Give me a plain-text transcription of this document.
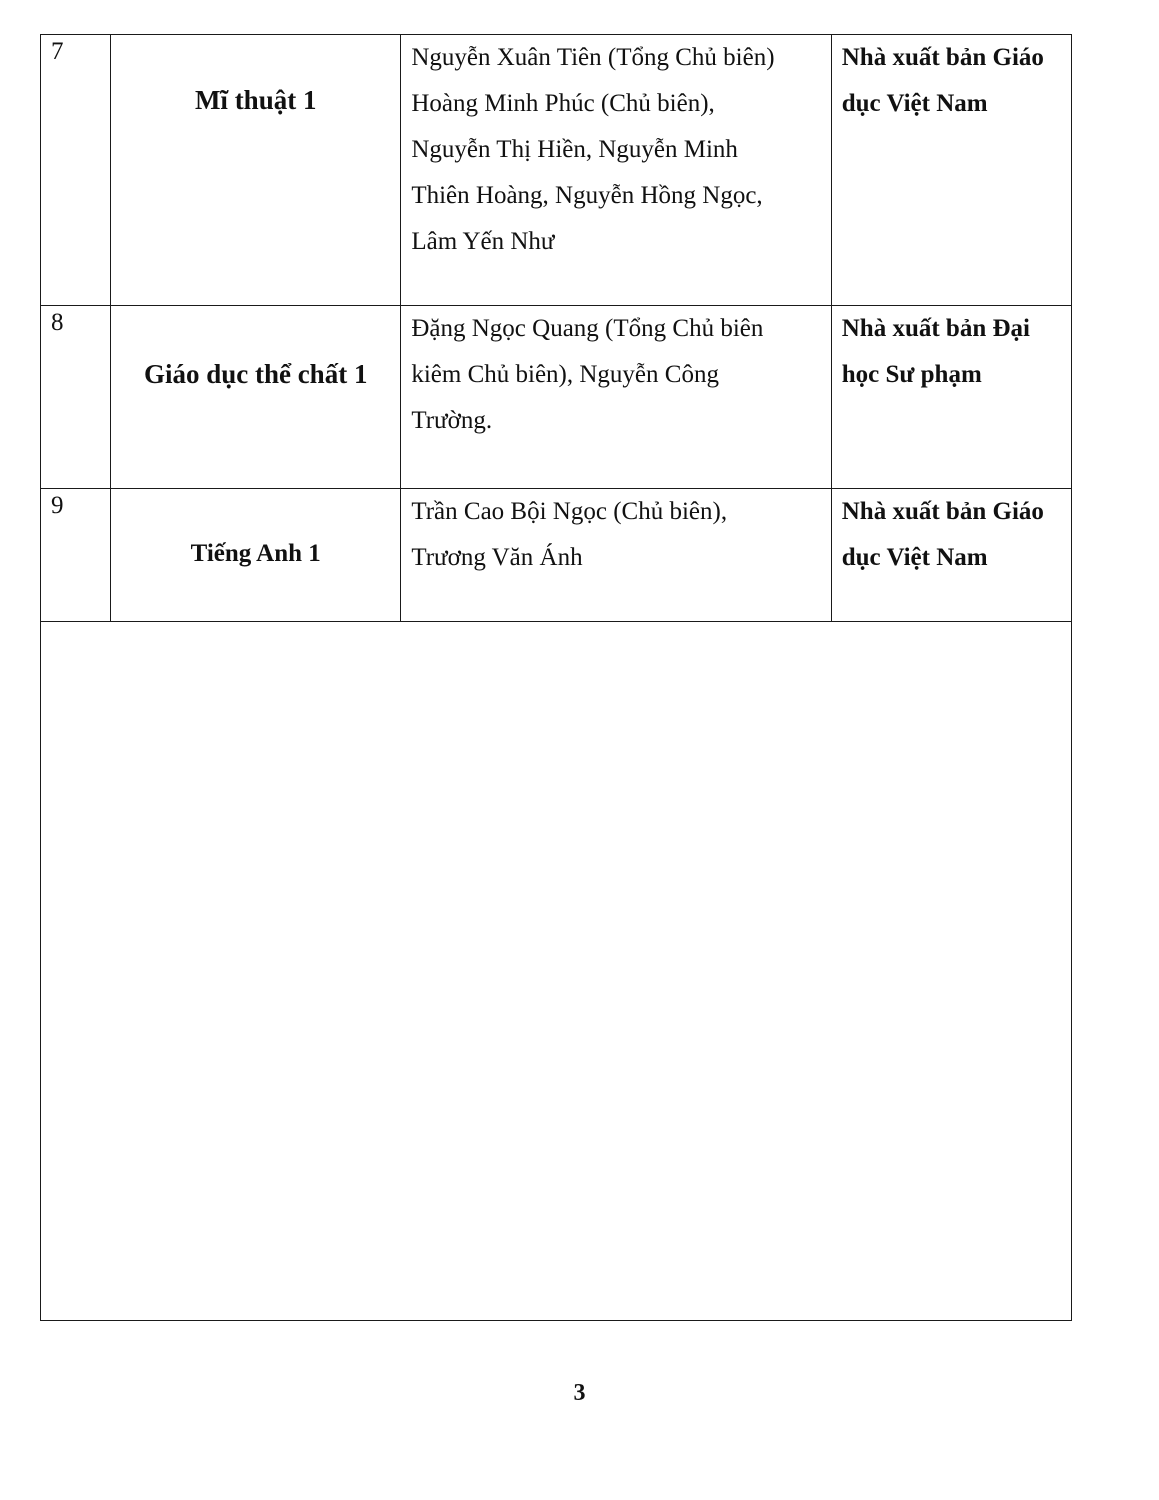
7	Mĩ thuật 1	Nguyễn Xuân Tiên (Tổng Chủ biên)
Hoàng Minh Phúc (Chủ biên),
Nguyễn Thị Hiền, Nguyễn Minh
Thiên Hoàng, Nguyễn Hồng Ngọc,
Lâm Yến Như	Nhà xuất bản Giáo
dục Việt Nam

8	Giáo dục thể chất 1	Đặng Ngọc Quang (Tổng Chủ biên
kiêm Chủ biên), Nguyễn Công
Trường.	Nhà xuất bản Đại
học Sư phạm

9	Tiếng Anh 1	Trần Cao Bội Ngọc (Chủ biên),
Trương Văn Ánh	Nhà xuất bản Giáo
dục Việt Nam
3
